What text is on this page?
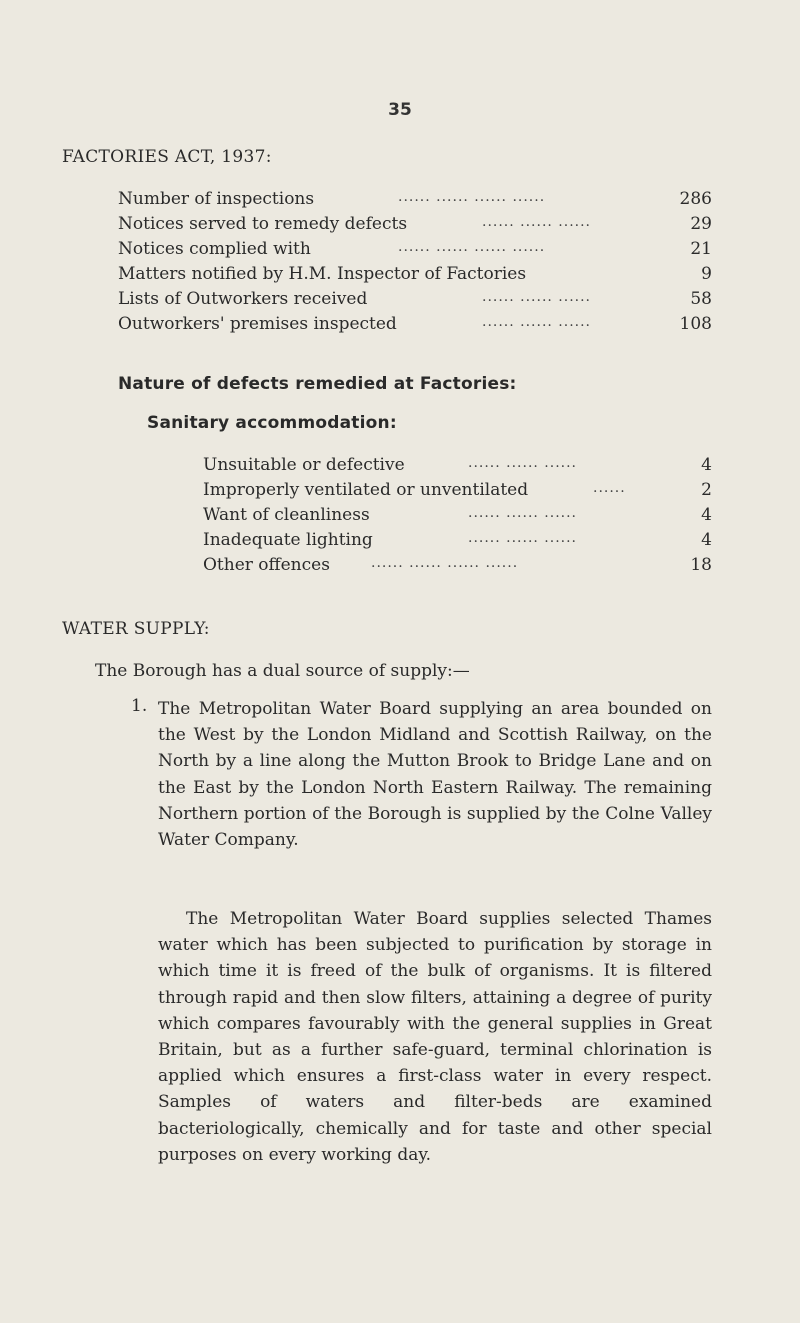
35
FACTORIES ACT, 1937:
Number of inspections	...... ...... ...... ......	286
Notices served to remedy defects	...... ...... ......	29
Notices complied with	...... ...... ...... ......	21
Matters notified by H.M. Inspector of Factories	9
Lists of Outworkers received	...... ...... ......	58
Outworkers' premises inspected	...... ...... ......	108
Nature of defects remedied at Factories:
Sanitary accommodation:
Unsuitable or defective	...... ...... ......	4
Improperly ventilated or unventilated	......	2
Want of cleanliness	...... ...... ......	4
Inadequate lighting	...... ...... ......	4
Other offences	...... ...... ...... ......	18
WATER SUPPLY:
The Borough has a dual source of supply:—
1. The Metropolitan Water Board supplying an area bounded on the West by the London Midland and Scottish Railway, on the North by a line along the Mutton Brook to Bridge Lane and on the East by the London North Eastern Railway. The remaining Northern portion of the Borough is supplied by the Colne Valley Water Company.
The Metropolitan Water Board supplies selected Thames water which has been subjected to purification by storage in which time it is freed of the bulk of organisms. It is filtered through rapid and then slow filters, attaining a degree of purity which compares favourably with the general supplies in Great Britain, but as a further safe-guard, terminal chlorination is applied which ensures a first-class water in every respect. Samples of waters and filter-beds are examined bacteriologically, chemically and for taste and other special purposes on every working day.
